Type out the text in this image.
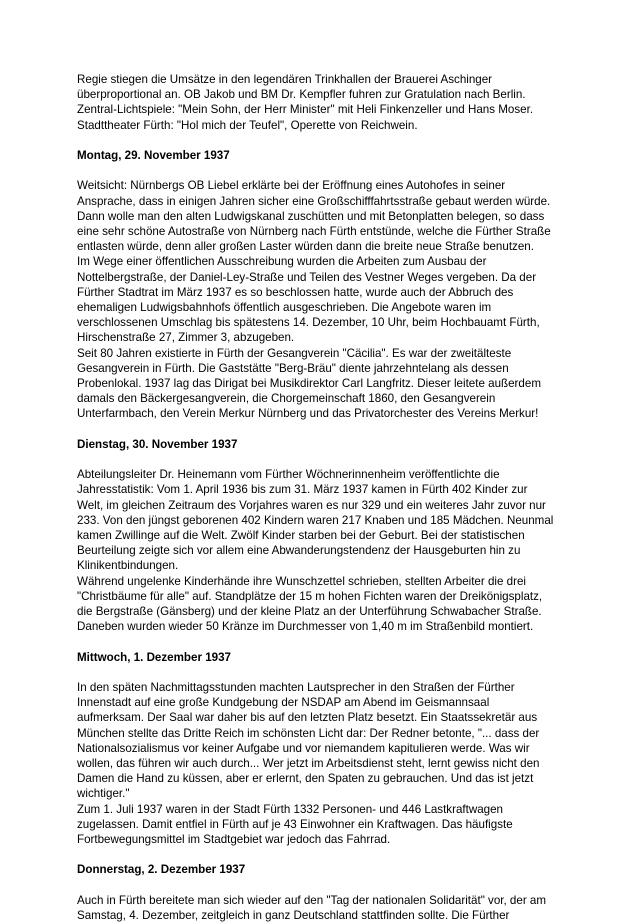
Regie stiegen die Umsätze in den legendären Trinkhallen der Brauerei Aschinger
überproportional an. OB Jakob und BM Dr. Kempfler fuhren zur Gratulation nach Berlin.
Zentral-Lichtspiele: "Mein Sohn, der Herr Minister" mit Heli Finkenzeller und Hans Moser.
Stadttheater Fürth: "Hol mich der Teufel", Operette von Reichwein.
Montag, 29. November 1937
Weitsicht: Nürnbergs OB Liebel erklärte bei der Eröffnung eines Autohofes in seiner
Ansprache, dass in einigen Jahren sicher eine Großschifffahrtsstraße gebaut werden würde.
Dann wolle man den alten Ludwigskanal zuschütten und mit Betonplatten belegen, so dass
eine sehr schöne Autostraße von Nürnberg nach Fürth entstünde, welche die Fürther Straße
entlasten würde, denn aller großen Laster würden dann die breite neue Straße benutzen.
Im Wege einer öffentlichen Ausschreibung wurden die Arbeiten zum Ausbau der
Nottelbergstraße, der Daniel-Ley-Straße und Teilen des Vestner Weges vergeben. Da der
Fürther Stadtrat im März 1937 es so beschlossen hatte, wurde auch der Abbruch des
ehemaligen Ludwigsbahnhofs öffentlich ausgeschrieben. Die Angebote waren im
verschlossenen Umschlag bis spätestens 14. Dezember, 10 Uhr, beim Hochbauamt Fürth,
Hirschenstraße 27, Zimmer 3, abzugeben.
Seit 80 Jahren existierte in Fürth der Gesangverein "Cäcilia". Es war der zweitälteste
Gesangverein in Fürth. Die Gaststätte "Berg-Bräu" diente jahrzehntelang als dessen
Probenlokal. 1937 lag das Dirigat bei Musikdirektor Carl Langfritz. Dieser leitete außerdem
damals den Bäckergesangverein, die Chorgemeinschaft 1860, den Gesangverein
Unterfarmbach, den Verein Merkur Nürnberg und das Privatorchester des Vereins Merkur!
Dienstag, 30. November 1937
Abteilungsleiter Dr. Heinemann vom Fürther Wöchnerinnenheim veröffentlichte die
Jahresstatistik: Vom 1. April 1936 bis zum 31. März 1937 kamen in Fürth 402 Kinder zur
Welt, im gleichen Zeitraum des Vorjahres waren es nur 329 und ein weiteres Jahr zuvor nur
233. Von den jüngst geborenen 402 Kindern waren 217 Knaben und 185 Mädchen. Neunmal
kamen Zwillinge auf die Welt. Zwölf Kinder starben bei der Geburt. Bei der statistischen
Beurteilung zeigte sich vor allem eine Abwanderungstendenz der Hausgeburten hin zu
Klinikentbindungen.
Während ungelenke Kinderhände ihre Wunschzettel schrieben, stellten Arbeiter die drei
"Christbäume für alle" auf. Standplätze der 15 m hohen Fichten waren der Dreikönigsplatz,
die Bergstraße (Gänsberg) und der kleine Platz an der Unterführung Schwabacher Straße.
Daneben wurden wieder 50 Kränze im Durchmesser von 1,40 m im Straßenbild montiert.
Mittwoch, 1. Dezember 1937
In den späten Nachmittagsstunden machten Lautsprecher in den Straßen der Fürther
Innenstadt auf eine große Kundgebung der NSDAP am Abend im Geismannsaal
aufmerksam. Der Saal war daher bis auf den letzten Platz besetzt. Ein Staatssekretär aus
München stellte das Dritte Reich im schönsten Licht dar: Der Redner betonte, "... dass der
Nationalsozialismus vor keiner Aufgabe und vor niemandem kapitulieren werde. Was wir
wollen, das führen wir auch durch... Wer jetzt im Arbeitsdienst steht, lernt gewiss nicht den
Damen die Hand zu küssen, aber er erlernt, den Spaten zu gebrauchen. Und das ist jetzt
wichtiger."
Zum 1. Juli 1937 waren in der Stadt Fürth 1332 Personen- und 446 Lastkraftwagen
zugelassen. Damit entfiel in Fürth auf je 43 Einwohner ein Kraftwagen. Das häufigste
Fortbewegungsmittel im Stadtgebiet war jedoch das Fahrrad.
Donnerstag, 2. Dezember 1937
Auch in Fürth bereitete man sich wieder auf den "Tag der nationalen Solidarität" vor, der am
Samstag, 4. Dezember, zeitgleich in ganz Deutschland stattfinden sollte. Die Fürther
